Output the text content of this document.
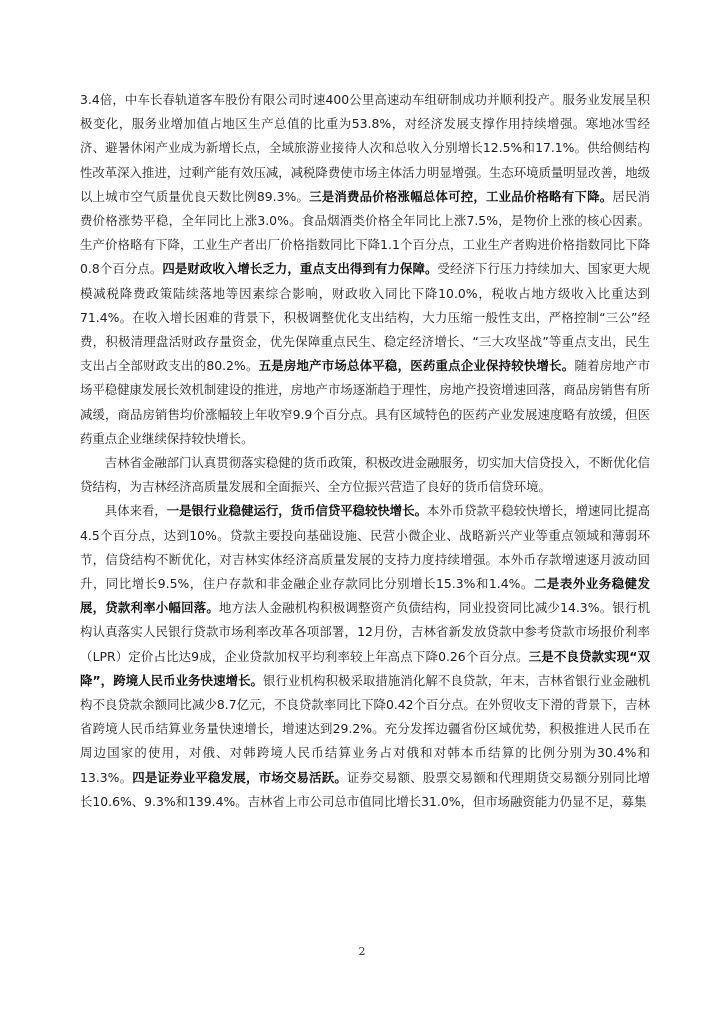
3.4倍，中车长春轨道客车股份有限公司时速400公里高速动车组研制成功并顺利投产。服务业发展呈积极变化，服务业增加值占地区生产总值的比重为53.8%，对经济发展支撑作用持续增强。寒地冰雪经济、避暑休闲产业成为新增长点，全域旅游业接待人次和总收入分别增长12.5%和17.1%。供给侧结构性改革深入推进，过剩产能有效压减，减税降费使市场主体活力明显增强。生态环境质量明显改善，地级以上城市空气质量优良天数比例89.3%。三是消费品价格涨幅总体可控，工业品价格略有下降。居民消费价格涨势平稳，全年同比上涨3.0%。食品烟酒类价格全年同比上涨7.5%，是物价上涨的核心因素。生产价格略有下降，工业生产者出厂价格指数同比下降1.1个百分点，工业生产者购进价格指数同比下降0.8个百分点。四是财政收入增长乏力，重点支出得到有力保障。受经济下行压力持续加大、国家更大规模减税降费政策陆续落地等因素综合影响，财政收入同比下降10.0%，税收占地方级收入比重达到71.4%。在收入增长困难的背景下，积极调整优化支出结构，大力压缩一般性支出，严格控制“三公”经费，积极清理盘活财政存量资金，优先保障重点民生、稳定经济增长、“三大攻坚战”等重点支出，民生支出占全部财政支出的80.2%。五是房地产市场总体平稳，医药重点企业保持较快增长。随着房地产市场平稳健康发展长效机制建设的推进，房地产市场逐渐趋于理性，房地产投资增速回落，商品房销售有所减缓，商品房销售均价涨幅较上年收窄9.9个百分点。具有区域特色的医药产业发展速度略有放缓，但医药重点企业继续保持较快增长。

吉林省金融部门认真贯彻落实稳健的货币政策，积极改进金融服务，切实加大信贷投入，不断优化信贷结构，为吉林经济高质量发展和全面振兴、全方位振兴营造了良好的货币信贷环境。

具体来看，一是银行业稳健运行，货币信贷平稳较快增长。本外币贷款平稳较快增长，增速同比提高4.5个百分点，达到10%。贷款主要投向基础设施、民营小微企业、战略新兴产业等重点领域和薄弱环节，信贷结构不断优化，对吉林实体经济高质量发展的支持力度持续增强。本外币存款增速逐月波动回升，同比增长9.5%，住户存款和非金融企业存款同比分别增长15.3%和1.4%。二是表外业务稳健发展，贷款利率小幅回落。地方法人金融机构积极调整资产负债结构，同业投资同比减少14.3%。银行机构认真落实人民银行贷款市场利率改革各项部署，12月份，吉林省新发放贷款中参考贷款市场报价利率（LPR）定价占比达9成，企业贷款加权平均利率较上年高点下降0.26个百分点。三是不良贷款实现“双降”，跨境人民币业务快速增长。银行业机构积极采取措施消化解不良贷款，年末，吉林省银行业金融机构不良贷款余额同比减少8.7亿元，不良贷款率同比下降0.42个百分点。在外贸收支下滑的背景下，吉林省跨境人民币结算业务量快速增长，增速达到29.2%。充分发挥边疆省份区域优势，积极推进人民币在周边国家的使用，对俄、对韩跨境人民币结算业务占对俄和对韩本币结算的比例分别为30.4%和13.3%。四是证券业平稳发展，市场交易活跃。证券交易额、股票交易额和代理期货交易额分别同比增长10.6%、9.3%和139.4%。吉林省上市公司总市值同比增长31.0%，但市场融资能力仍显不足，募集

2
